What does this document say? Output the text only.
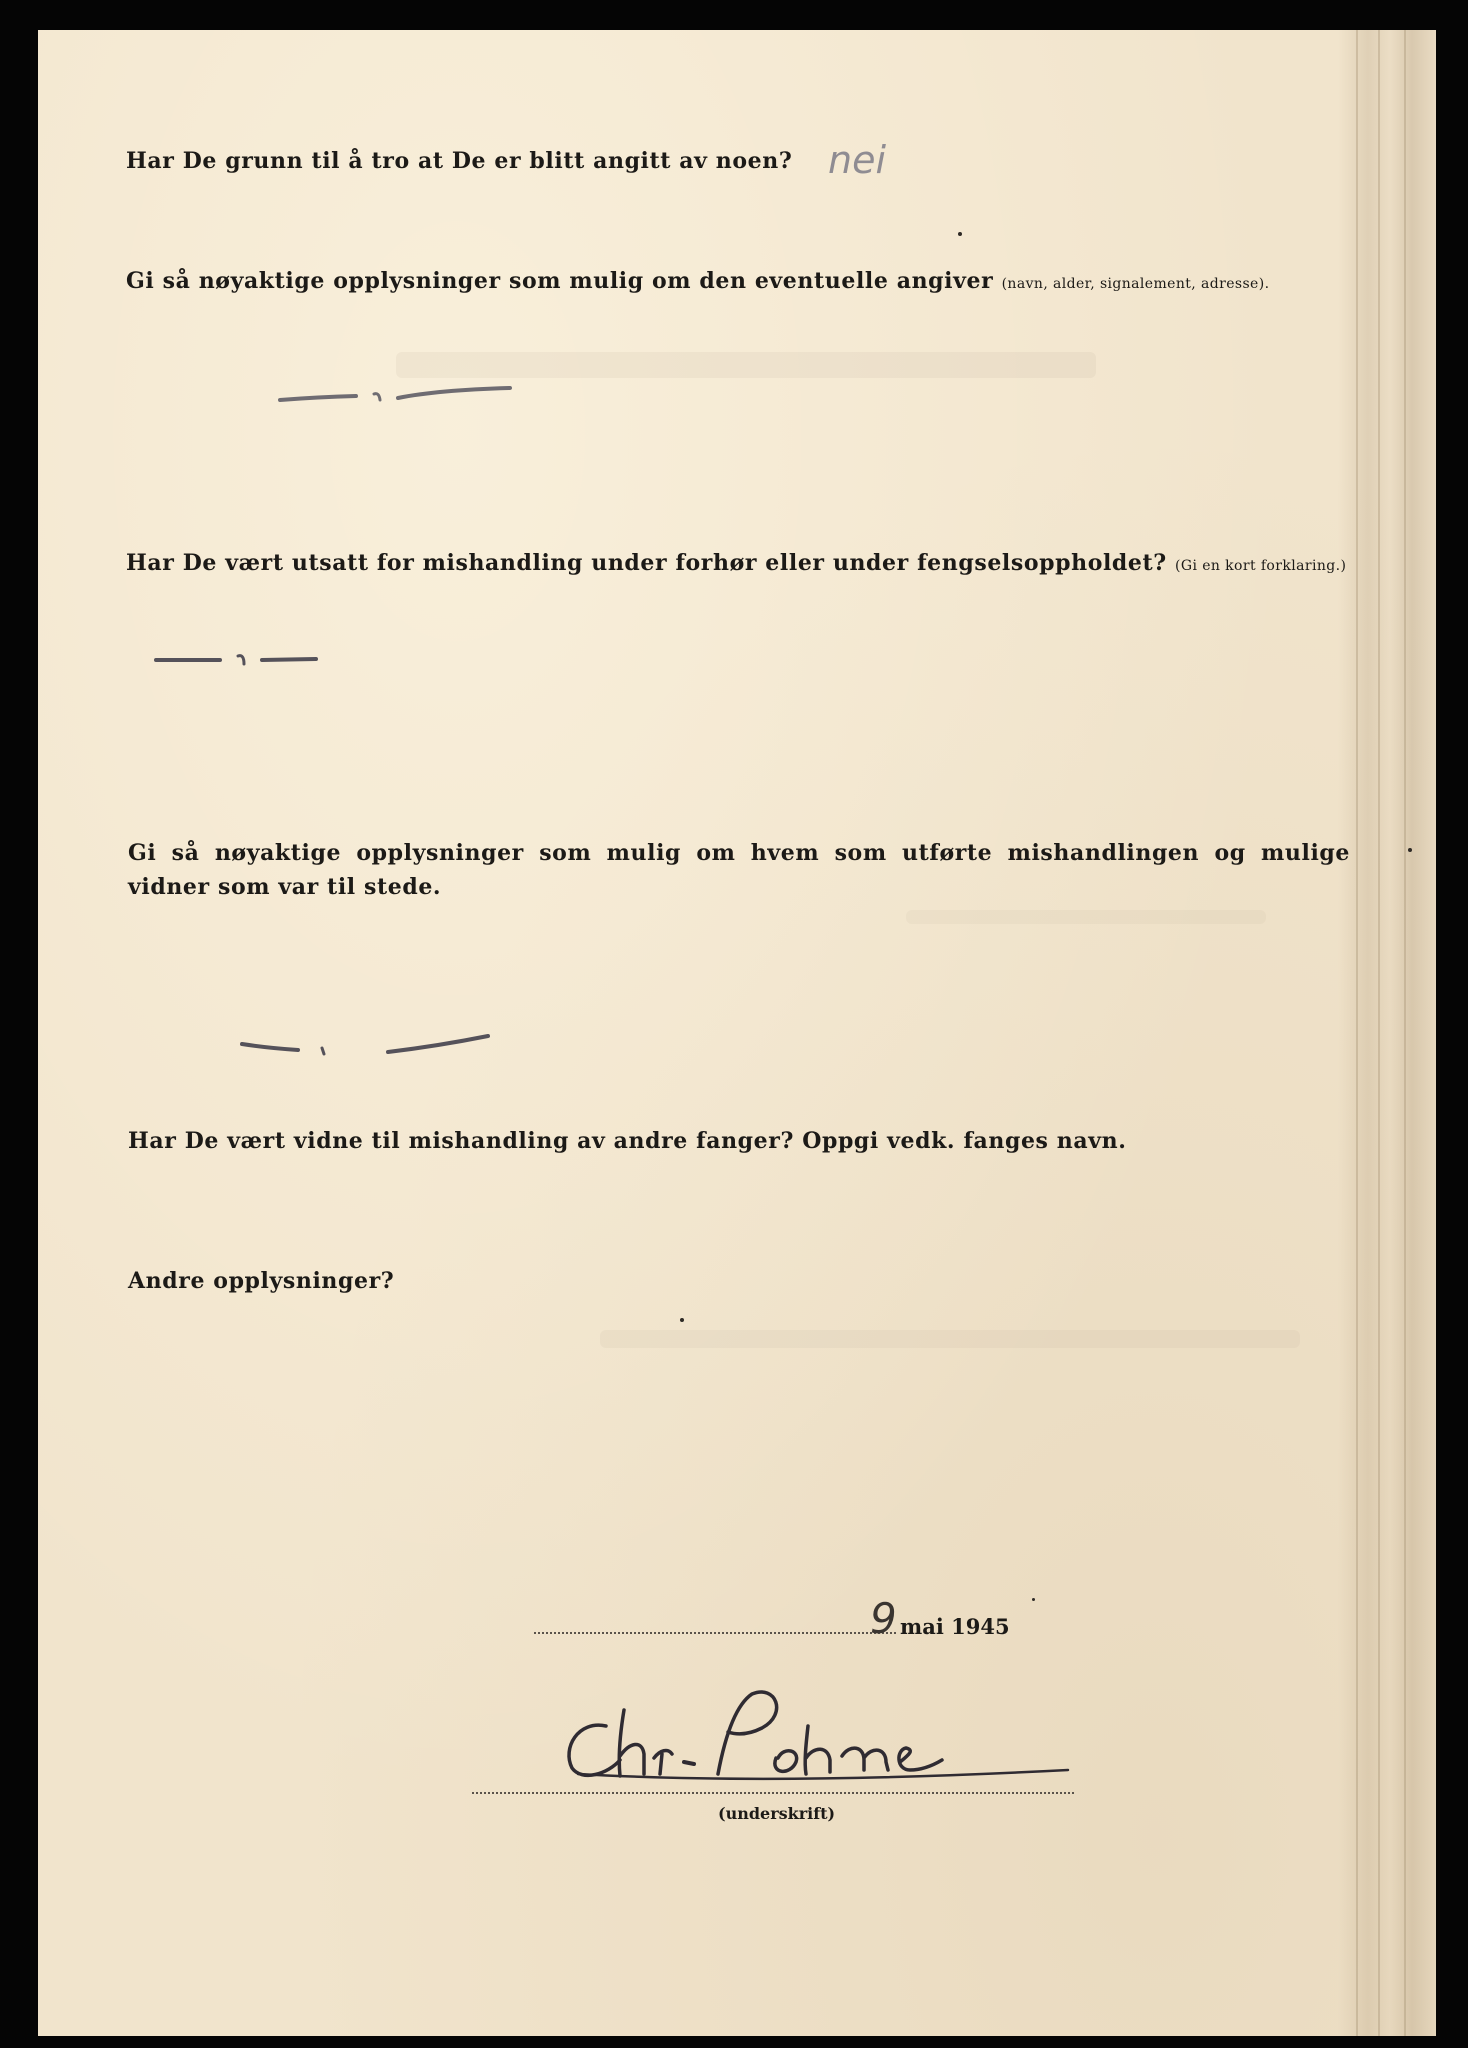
Har De grunn til å tro at De er blitt angitt av noen? nei
Gi så nøyaktige opplysninger som mulig om den eventuelle angiver (navn, alder, signalement, adresse).
Har De vært utsatt for mishandling under forhør eller under fengselsoppholdet? (Gi en kort forklaring.)
Gi så nøyaktige opplysninger som mulig om hvem som utførte mishandlingen og mulige vidner som var til stede.
Har De vært vidne til mishandling av andre fanger? Oppgi vedk. fanges navn.
Andre opplysninger?
9 mai 1945
(underskrift)
